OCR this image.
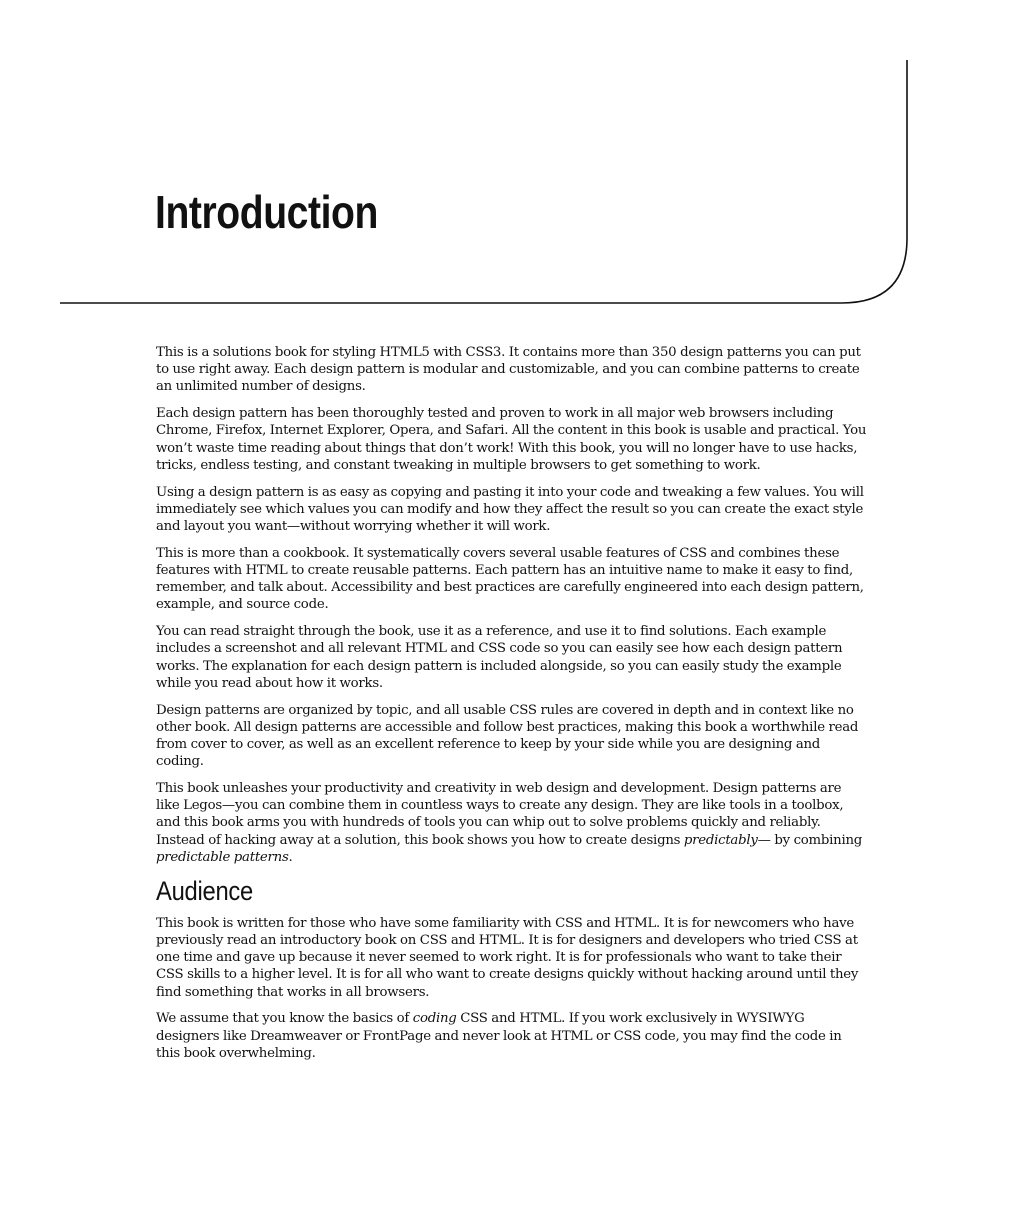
Introduction

This is a solutions book for styling HTML5 with CSS3. It contains more than 350 design patterns you can put to use right away. Each design pattern is modular and customizable, and you can combine patterns to create an unlimited number of designs.

Each design pattern has been thoroughly tested and proven to work in all major web browsers including Chrome, Firefox, Internet Explorer, Opera, and Safari. All the content in this book is usable and practical. You won’t waste time reading about things that don’t work! With this book, you will no longer have to use hacks, tricks, endless testing, and constant tweaking in multiple browsers to get something to work.

Using a design pattern is as easy as copying and pasting it into your code and tweaking a few values. You will immediately see which values you can modify and how they affect the result so you can create the exact style and layout you want—without worrying whether it will work.

This is more than a cookbook. It systematically covers several usable features of CSS and combines these features with HTML to create reusable patterns. Each pattern has an intuitive name to make it easy to find, remember, and talk about. Accessibility and best practices are carefully engineered into each design pattern, example, and source code.

You can read straight through the book, use it as a reference, and use it to find solutions. Each example includes a screenshot and all relevant HTML and CSS code so you can easily see how each design pattern works. The explanation for each design pattern is included alongside, so you can easily study the example while you read about how it works.

Design patterns are organized by topic, and all usable CSS rules are covered in depth and in context like no other book. All design patterns are accessible and follow best practices, making this book a worthwhile read from cover to cover, as well as an excellent reference to keep by your side while you are designing and coding.

This book unleashes your productivity and creativity in web design and development. Design patterns are like Legos—you can combine them in countless ways to create any design. They are like tools in a toolbox, and this book arms you with hundreds of tools you can whip out to solve problems quickly and reliably. Instead of hacking away at a solution, this book shows you how to create designs predictably— by combining predictable patterns.

Audience

This book is written for those who have some familiarity with CSS and HTML. It is for newcomers who have previously read an introductory book on CSS and HTML. It is for designers and developers who tried CSS at one time and gave up because it never seemed to work right. It is for professionals who want to take their CSS skills to a higher level. It is for all who want to create designs quickly without hacking around until they find something that works in all browsers.

We assume that you know the basics of coding CSS and HTML. If you work exclusively in WYSIWYG designers like Dreamweaver or FrontPage and never look at HTML or CSS code, you may find the code in this book overwhelming.
